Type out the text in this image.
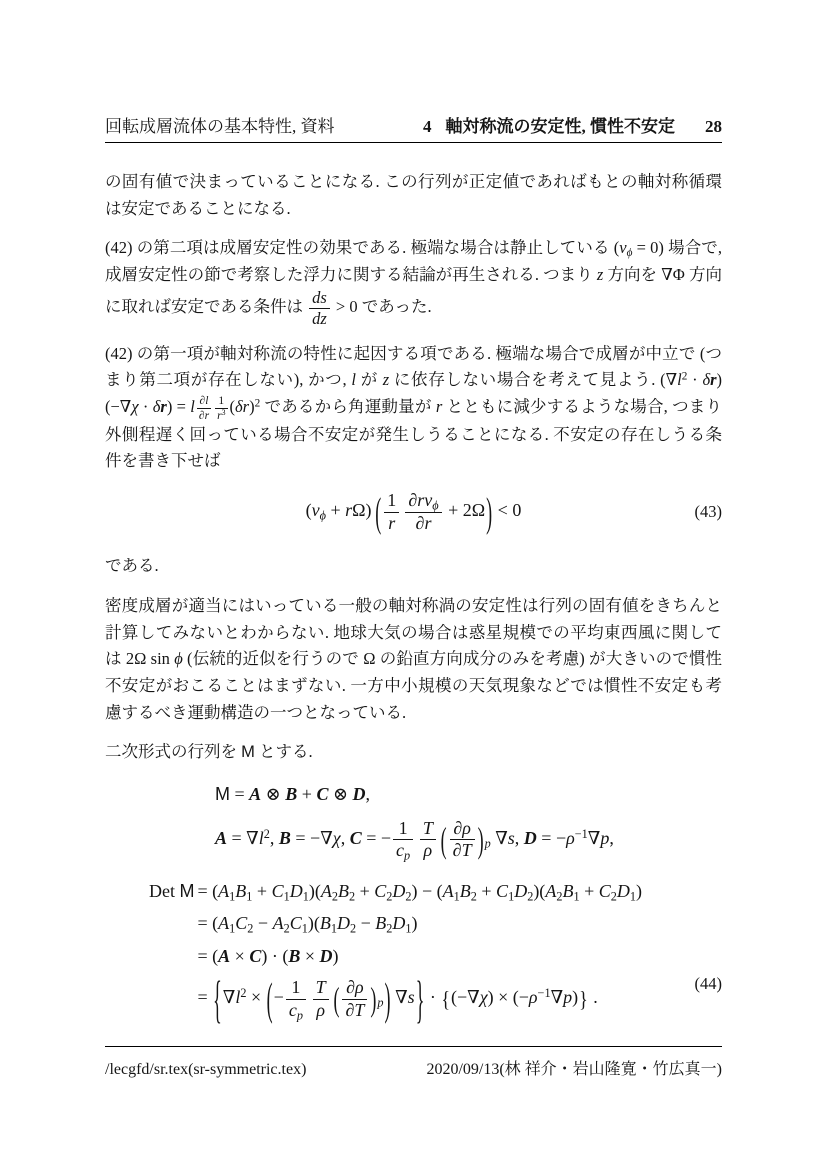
回転成層流体の基本特性, 資料	4 軸対称流の安定性, 慣性不安定 28

の固有値で決まっていることになる. この行列が正定値であればもとの軸対称循環は安定であることになる.

(42) の第二項は成層安定性の効果である. 極端な場合は静止している $(v_\phi = 0)$ 場合で, 成層安定性の節で考察した浮力に関する結論が再生される. つまり z 方向を ∇Φ 方向に取れば安定である条件は $\frac{ds}{dz} > 0$ であった.

(42) の第一項が軸対称流の特性に起因する項である. 極端な場合で成層が中立で (つまり第二項が存在しない), かつ, l が z に依存しない場合を考えて見よう. $(\nabla l^2 \cdot \delta r)(-\nabla\chi \cdot \delta r) = l \frac{\partial l}{\partial r} \frac{1}{r^3} (\delta r)^2$ であるから角運動量が r とともに減少するような場合, つまり外側程遅く回っている場合不安定が発生しうることになる. 不安定の存在しうる条件を書き下せば

$(v_\phi + r\Omega)$ ( $\frac{1}{r} \frac{\partial rv_\phi}{\partial r} + 2\Omega) < 0$	(43)

である.

密度成層が適当にはいっている一般の軸対称渦の安定性は行列の固有値をきちんと計算してみないとわからない. 地球大気の場合は惑星規模での平均東西風に関しては 2Ω sin ϕ (伝統的近似を行うので Ω の鉛直方向成分のみを考慮) が大きいので慣性不安定がおこることはまずない. 一方中小規模の天気現象などでは慣性不安定も考慮するべき運動構造の一つとなっている.

二次形式の行列を M とする.

M = A ⊗ B + C ⊗ D,
$A = \nabla l^2$, B = −∇χ, C = − $\frac{1}{c_p} \frac{T}{\rho}$ ( $\frac{\partial\rho}{\partial T} )_p$ ∇s, $D = -\rho^{-1}\nabla p$,
Det $M = (A_1B_1 + C_1D_1)(A_2B_2 + C_2D_2) - (A_1B_2 + C_1D_2)(A_2B_1 + C_2D_1)$
= $(A_1C_2 - A_2C_1)(B_1D_2 - B_2D_1)$
= (A × C) · (B × D)
= {$\nabla l^2$ × (− $\frac{1}{c_p} \frac{T}{\rho}$ ( $\frac{\partial\rho}{\partial T} )_p$) $\nabla s\} \cdot \{(-\nabla\chi) \times (-\rho^{-1}\nabla p)\}$ .
(44)
/lecgfd/sr.tex(sr-symmetric.tex)	2020/09/13(林 祥介・岩山隆寛・竹広真一)
